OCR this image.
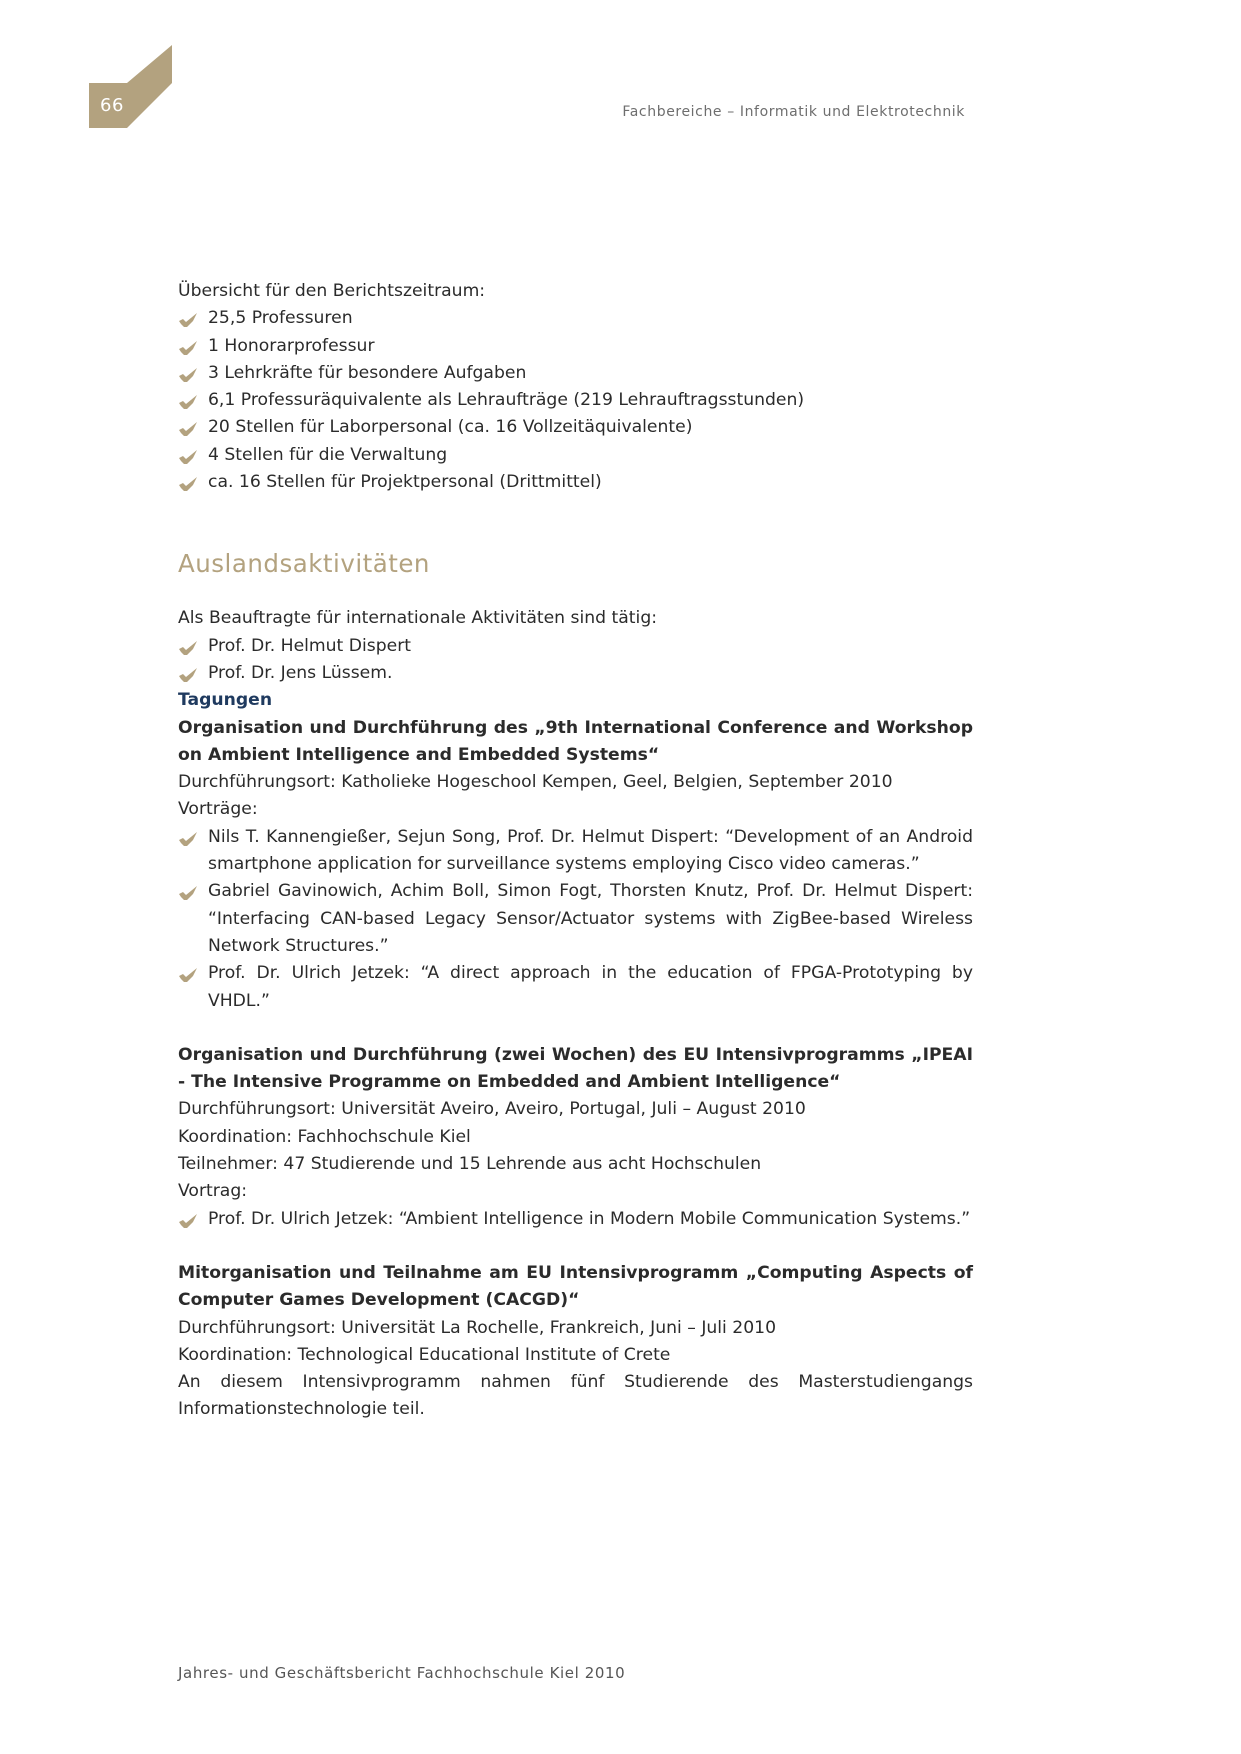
66	Fachbereiche – Informatik und Elektrotechnik

Übersicht für den Berichtszeitraum:

25,5 Professuren
1 Honorarprofessur
3 Lehrkräfte für besondere Aufgaben
6,1 Professuräquivalente als Lehraufträge (219 Lehrauftragsstunden)
20 Stellen für Laborpersonal (ca. 16 Vollzeitäquivalente)
4 Stellen für die Verwaltung
ca. 16 Stellen für Projektpersonal (Drittmittel)
Auslandsaktivitäten

Als Beauftragte für internationale Aktivitäten sind tätig:

Prof. Dr. Helmut Dispert
Prof. Dr. Jens Lüssem.

Tagungen

Organisation und Durchführung des „9th International Conference and Workshop on Ambient Intelligence and Embedded Systems“

Durchführungsort: Katholieke Hogeschool Kempen, Geel, Belgien, September 2010

Vorträge:

Nils T. Kannengießer, Sejun Song, Prof. Dr. Helmut Dispert: “Development of an Android smartphone application for surveillance systems employing Cisco video cameras.”
Gabriel Gavinowich, Achim Boll, Simon Fogt, Thorsten Knutz, Prof. Dr. Helmut Dispert: “Interfacing CAN-based Legacy Sensor/Actuator systems with ZigBee-based Wireless Network Structures.”
Prof. Dr. Ulrich Jetzek: “A direct approach in the education of FPGA-Prototyping by VHDL.”

Organisation und Durchführung (zwei Wochen) des EU Intensivprogramms „IPEAI - The Intensive Programme on Embedded and Ambient Intelligence“

Durchführungsort: Universität Aveiro, Aveiro, Portugal, Juli – August 2010

Koordination: Fachhochschule Kiel

Teilnehmer: 47 Studierende und 15 Lehrende aus acht Hochschulen

Vortrag:

Prof. Dr. Ulrich Jetzek: “Ambient Intelligence in Modern Mobile Communication Systems.”

Mitorganisation und Teilnahme am EU Intensivprogramm „Computing Aspects of Computer Games Development (CACGD)“

Durchführungsort: Universität La Rochelle, Frankreich, Juni – Juli 2010

Koordination: Technological Educational Institute of Crete

An diesem Intensivprogramm nahmen fünf Studierende des Masterstudiengangs Informationstechnologie teil.

Jahres- und Geschäftsbericht Fachhochschule Kiel 2010
